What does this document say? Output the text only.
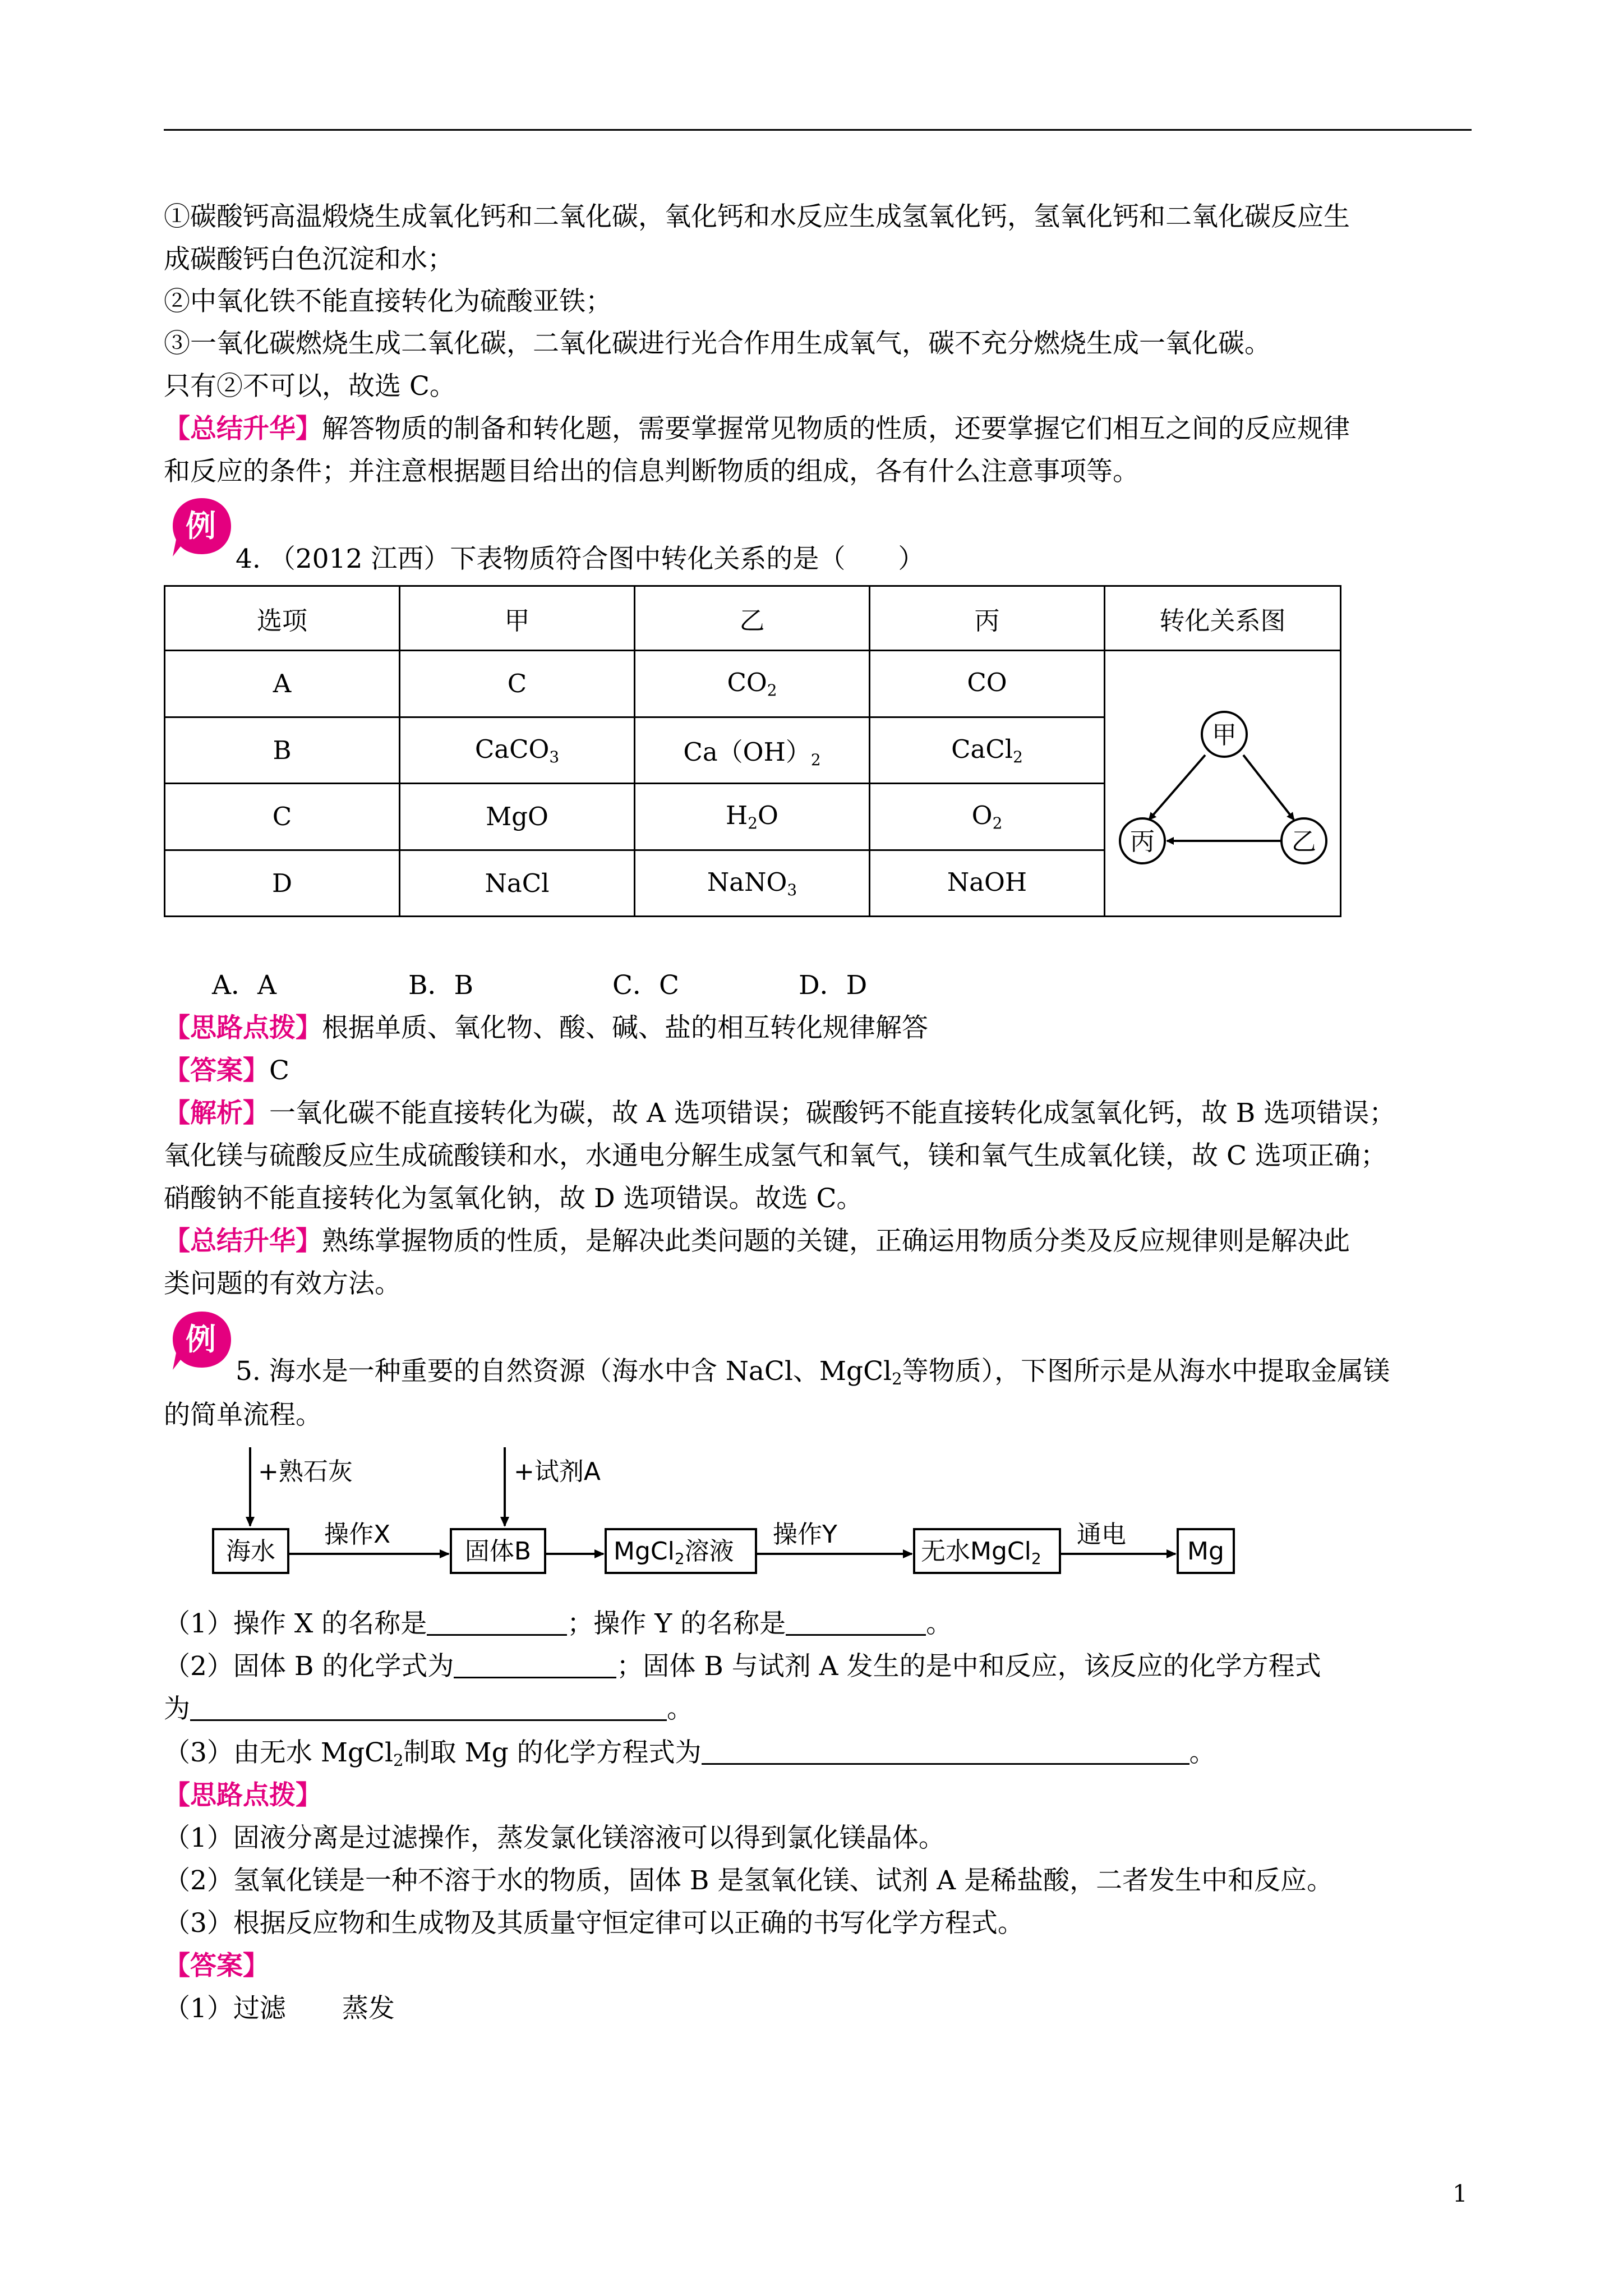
①碳酸钙高温煅烧生成氧化钙和二氧化碳，氧化钙和水反应生成氢氧化钙，氢氧化钙和二氧化碳反应生
成碳酸钙白色沉淀和水；
②中氧化铁不能直接转化为硫酸亚铁；
③一氧化碳燃烧生成二氧化碳，二氧化碳进行光合作用生成氧气，碳不充分燃烧生成一氧化碳。
只有②不可以，故选 C。
【总结升华】解答物质的制备和转化题，需要掌握常见物质的性质，还要掌握它们相互之间的反应规律
和反应的条件；并注意根据题目给出的信息判断物质的组成，各有什么注意事项等。
例
4. （2012 江西）下表物质符合图中转化关系的是（　　）
选项	甲	乙	丙	转化关系图
A	C	$CO_2$	CO	甲
乙
丙

B	CaCO$_3$	$Ca(OH)_2$	CaCl$_2$
C	MgO	$H_2O$	$O_2$
D	NaCl	NaNO$_3$	NaOH	
A．A	B．B	C．C	D．D
【思路点拨】根据单质、氧化物、酸、碱、盐的相互转化规律解答
【答案】C
【解析】一氧化碳不能直接转化为碳，故 A 选项错误；碳酸钙不能直接转化成氢氧化钙，故 B 选项错误；
氧化镁与硫酸反应生成硫酸镁和水，水通电分解生成氢气和氧气，镁和氧气生成氧化镁，故 C 选项正确；
硝酸钠不能直接转化为氢氧化钠，故 D 选项错误。故选 C。
【总结升华】熟练掌握物质的性质，是解决此类问题的关键，正确运用物质分类及反应规律则是解决此
类问题的有效方法。
例
5. 海水是一种重要的自然资源（海水中含 NaCl、MgCl$_2$等物质），下图所示是从海水中提取金属镁
的简单流程。
+熟石灰	+试剂A
海水	固体B	MgCl2溶液	无水MgCl2	Mg
操作X	操作Y	通电
（1）操作 X 的名称是	；操作 Y 的名称是	。
（2）固体 B 的化学式为	；固体 B 与试剂 A 发生的是中和反应，该反应的化学方程式
为	。
（3）由无水 MgCl$_2$制取 Mg 的化学方程式为	。
【思路点拨】
（1）固液分离是过滤操作，蒸发氯化镁溶液可以得到氯化镁晶体。
（2）氢氧化镁是一种不溶于水的物质，固体 B 是氢氧化镁、试剂 A 是稀盐酸，二者发生中和反应。
（3）根据反应物和生成物及其质量守恒定律可以正确的书写化学方程式。
【答案】
（1）过滤 蒸发
1
